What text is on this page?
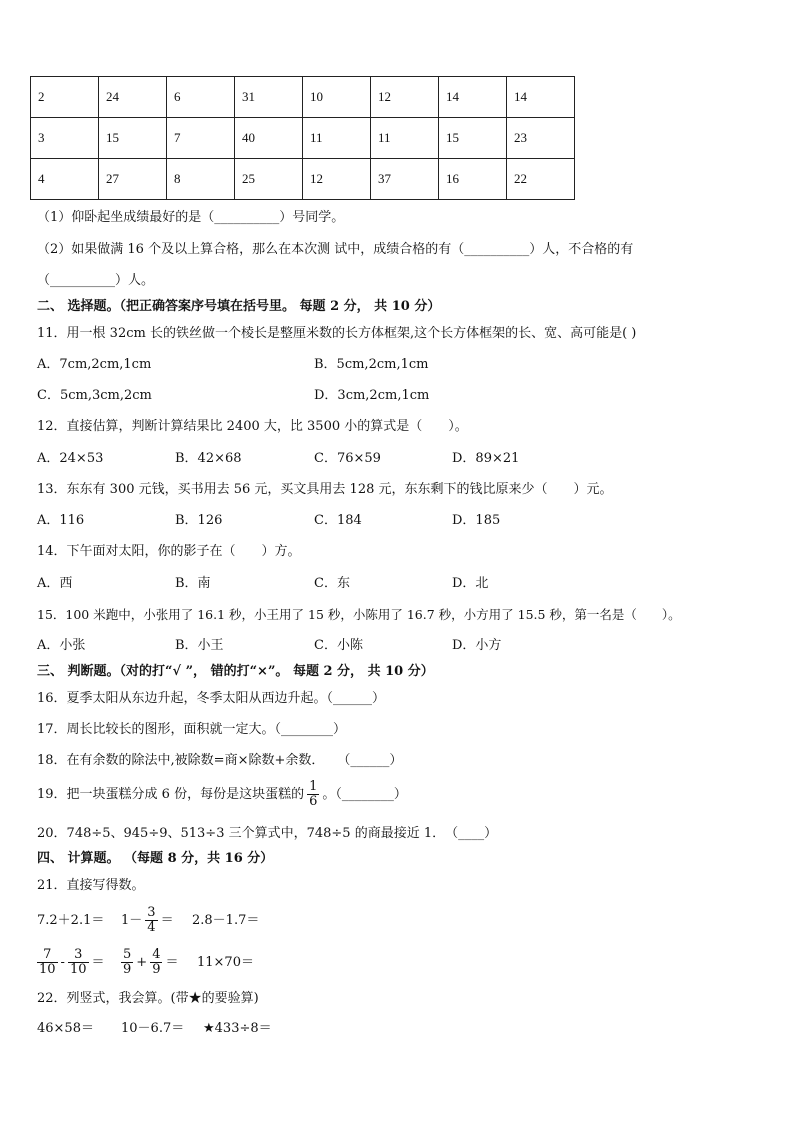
2	24	6	31	10	12	14	14
3	15	7	40	11	11	15	23
4	27	8	25	12	37	16	22
（1）仰卧起坐成绩最好的是（__________）号同学。
（2）如果做满 16 个及以上算合格，那么在本次测 试中，成绩合格的有（__________）人，不合格的有
（__________）人。
二、 选择题。（把正确答案序号填在括号里。 每题 2 分， 共 10 分）
11．用一根 32cm 长的铁丝做一个棱长是整厘米数的长方体框架,这个长方体框架的长、宽、高可能是( )
A．7cm,2cm,1cm	B．5cm,2cm,1cm
C．5cm,3cm,2cm	D．3cm,2cm,1cm
12．直接估算，判断计算结果比 2400 大，比 3500 小的算式是（　　）。
A．24×53	B．42×68	C．76×59	D．89×21
13．东东有 300 元钱，买书用去 56 元，买文具用去 128 元，东东剩下的钱比原来少（　　）元。
A．116	B．126	C．184	D．185
14．下午面对太阳，你的影子在（　　）方。
A．西	B．南	C．东	D．北
15．100 米跑中，小张用了 16.1 秒，小王用了 15 秒，小陈用了 16.7 秒，小方用了 15.5 秒，第一名是（　　）。
A．小张	B．小王	C．小陈	D．小方
三、 判断题。（对的打“√ ”， 错的打“×”。 每题 2 分， 共 10 分）
16．夏季太阳从东边升起，冬季太阳从西边升起。（______）
17．周长比较长的图形，面积就一定大。（________）
18．在有余数的除法中,被除数=商×除数+余数．　　（______）
19．把一块蛋糕分成 6 份，每份是这块蛋糕的 $\frac{1}{6}$ 。（________）
20．748÷5、945÷9、513÷3 三个算式中，748÷5 的商最接近 1．　（____）
四、 计算题。 （每题 8 分，共 16 分）
21．直接写得数。
$7.2+2.1= 1- \frac{3}{4} = 2.8-1.7=$
$\frac{7}{10} - \frac{3}{10} = \frac{5}{9} + \frac{4}{9} = 11\times 70=$
22．列竖式，我会算。(带★的要验算)
46×58＝ 10－6.7＝ ★433÷8＝
